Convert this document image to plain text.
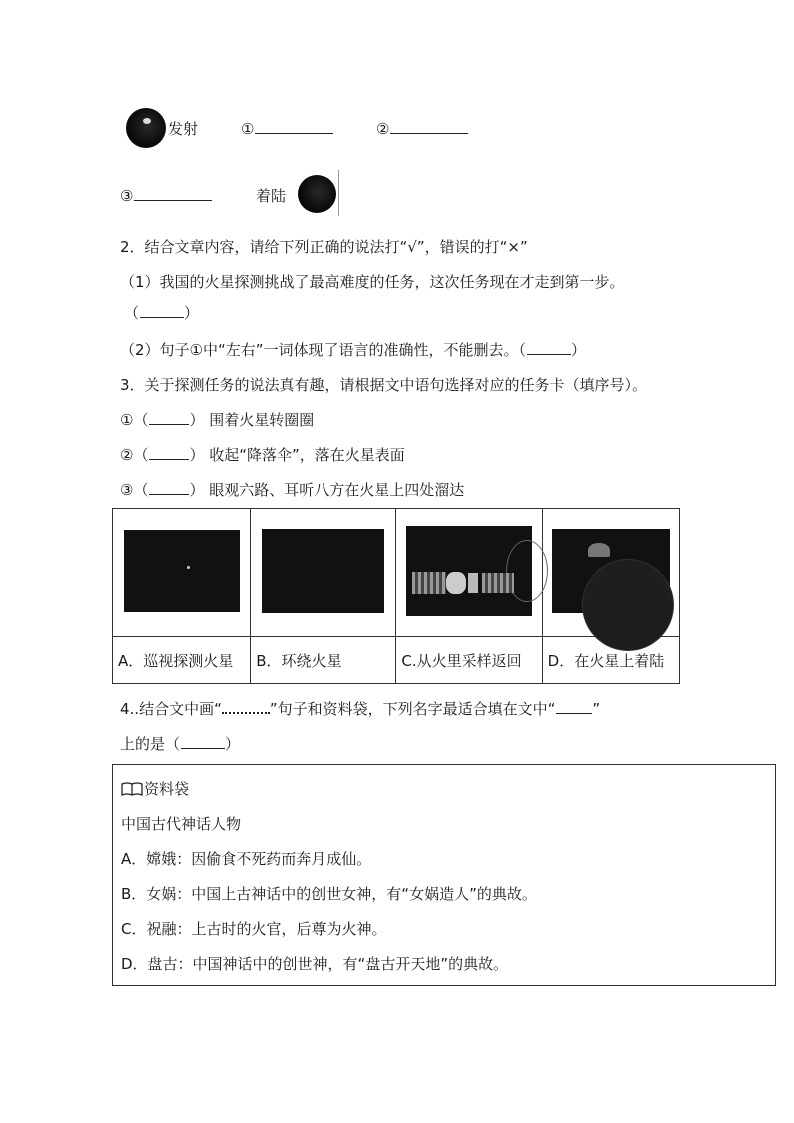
发射	①	②
③	着陆
2．结合文章内容，请给下列正确的说法打“√”，错误的打“×”
（1）我国的火星探测挑战了最高难度的任务，这次任务现在才走到第一步。
（	）
（2）句子①中“左右”一词体现了语言的准确性，不能删去。（	）
3．关于探测任务的说法真有趣，请根据文中语句选择对应的任务卡（填序号）。
①（	） 围着火星转圈圈
②（	） 收起“降落伞”，落在火星表面
③（	） 眼观六路、耳听八方在火星上四处溜达

A．巡视探测火星	B．环绕火星	C.从火里采样返回	D．在火星上着陆
4..结合文中画“	”句子和资料袋，下列名字最适合填在文中“ ”
上的是（	）
资料袋
中国古代神话人物
A．嫦娥：因偷食不死药而奔月成仙。
B．女娲：中国上古神话中的创世女神，有“女娲造人”的典故。
C．祝融：上古时的火官，后尊为火神。
D．盘古：中国神话中的创世神，有“盘古开天地”的典故。
